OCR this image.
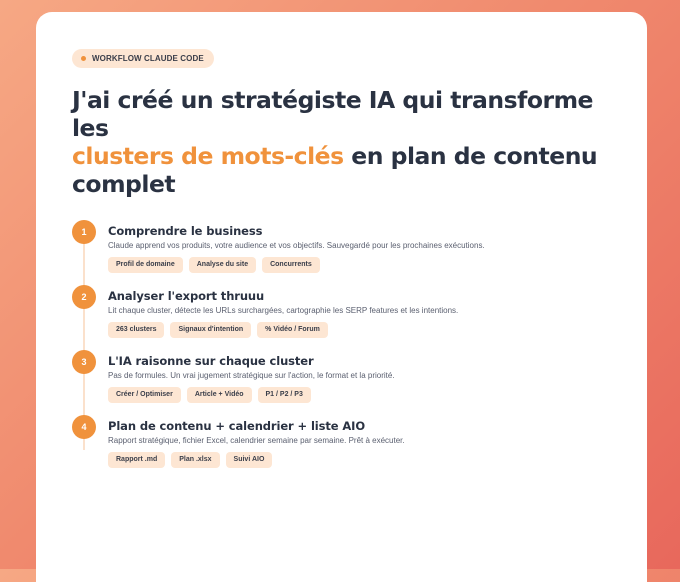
WORKFLOW CLAUDE CODE
J'ai créé un stratégiste IA qui transforme les
clusters de mots-clés en plan de contenu complet
1	Comprendre le business
Claude apprend vos produits, votre audience et vos objectifs. Sauvegardé pour les prochaines exécutions.
Profil de domaine	Analyse du site	Concurrents
2	Analyser l'export thruuu
Lit chaque cluster, détecte les URLs surchargées, cartographie les SERP features et les intentions.
263 clusters	Signaux d'intention	% Vidéo / Forum
3	L'IA raisonne sur chaque cluster
Pas de formules. Un vrai jugement stratégique sur l'action, le format et la priorité.
Créer / Optimiser	Article + Vidéo	P1 / P2 / P3
4	Plan de contenu + calendrier + liste AIO
Rapport stratégique, fichier Excel, calendrier semaine par semaine. Prêt à exécuter.
Rapport .md	Plan .xlsx	Suivi AIO
